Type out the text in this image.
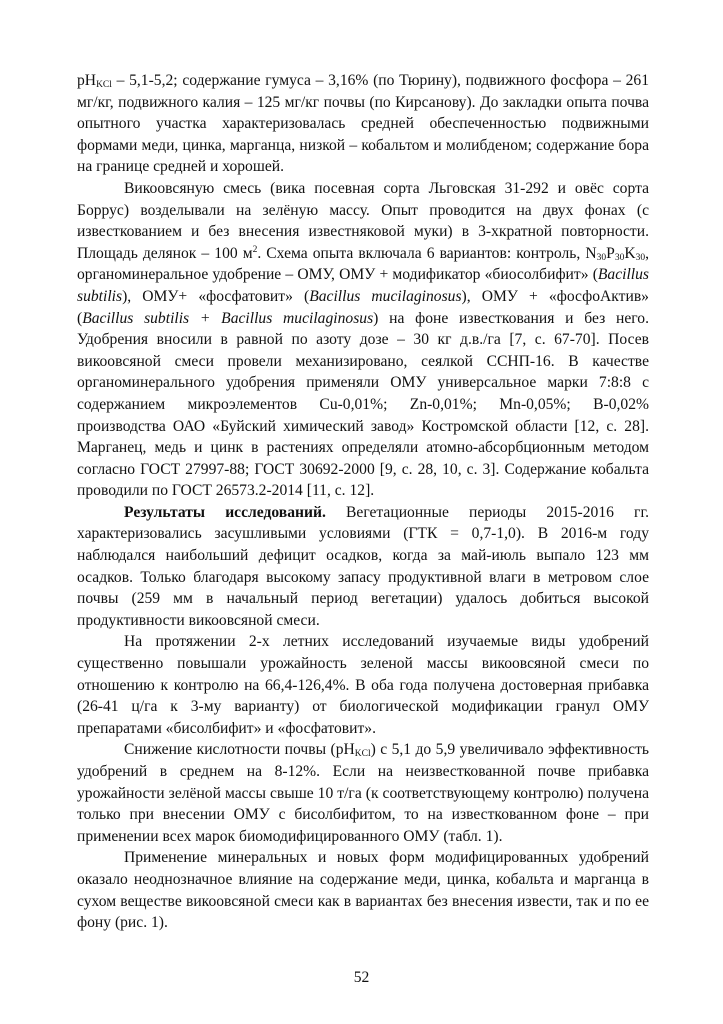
$pH_{KCl} - 5,1-5,2$; содержание гумуса – 3,16% (по Тюрину), подвижного фосфора – 261 мг/кг, подвижного калия – 125 мг/кг почвы (по Кирсанову). До закладки опыта почва опытного участка характеризовалась средней обеспеченностью подвижными формами меди, цинка, марганца, низкой – кобальтом и молибденом; содержание бора на границе средней и хорошей.

Викоовсяную смесь (вика посевная сорта Льговская 31-292 и овёс сорта Боррус) возделывали на зелёную массу. Опыт проводится на двух фонах (с известкованием и без внесения известняковой муки) в 3-хкратной повторности. Площадь делянок – 100 $м^2$. Схема опыта включала 6 вариантов: контроль, $N_{30}P_{30}K_{30}$, органоминеральное удобрение – ОМУ, ОМУ + модификатор «биосолбифит» (Bacillus subtilis), ОМУ+ «фосфатовит» (Bacillus mucilaginosus), ОМУ + «фосфоАктив» (Bacillus subtilis + Bacillus mucilaginosus) на фоне известкования и без него. Удобрения вносили в равной по азоту дозе – 30 кг д.в./га [7, с. 67-70]. Посев викоовсяной смеси провели механизировано, сеялкой ССНП-16. В качестве органоминерального удобрения применяли ОМУ универсальное марки 7:8:8 с содержанием микроэлементов Cu-0,01%; Zn-0,01%; Mn-0,05%; B-0,02% производства ОАО «Буйский химический завод» Костромской области [12, с. 28]. Марганец, медь и цинк в растениях определяли атомно-абсорбционным методом согласно ГОСТ 27997-88; ГОСТ 30692-2000 [9, с. 28, 10, с. 3]. Содержание кобальта проводили по ГОСТ 26573.2-2014 [11, с. 12].

Результаты исследований. Вегетационные периоды 2015-2016 гг. характеризовались засушливыми условиями (ГТК = 0,7-1,0). В 2016-м году наблюдался наибольший дефицит осадков, когда за май-июль выпало 123 мм осадков. Только благодаря высокому запасу продуктивной влаги в метровом слое почвы (259 мм в начальный период вегетации) удалось добиться высокой продуктивности викоовсяной смеси.

На протяжении 2-х летних исследований изучаемые виды удобрений существенно повышали урожайность зеленой массы викоовсяной смеси по отношению к контролю на 66,4-126,4%. В оба года получена достоверная прибавка (26-41 ц/га к 3-му варианту) от биологической модификации гранул ОМУ препаратами «бисолбифит» и «фосфатовит».

Снижение кислотности почвы $(pH_{KCl})$ с 5,1 до 5,9 увеличивало эффективность удобрений в среднем на 8-12%. Если на неизвесткованной почве прибавка урожайности зелёной массы свыше 10 т/га (к соответствующему контролю) получена только при внесении ОМУ с бисолбифитом, то на известкованном фоне – при применении всех марок биомодифицированного ОМУ (табл. 1).

Применение минеральных и новых форм модифицированных удобрений оказало неоднозначное влияние на содержание меди, цинка, кобальта и марганца в сухом веществе викоовсяной смеси как в вариантах без внесения извести, так и по ее фону (рис. 1).

52
